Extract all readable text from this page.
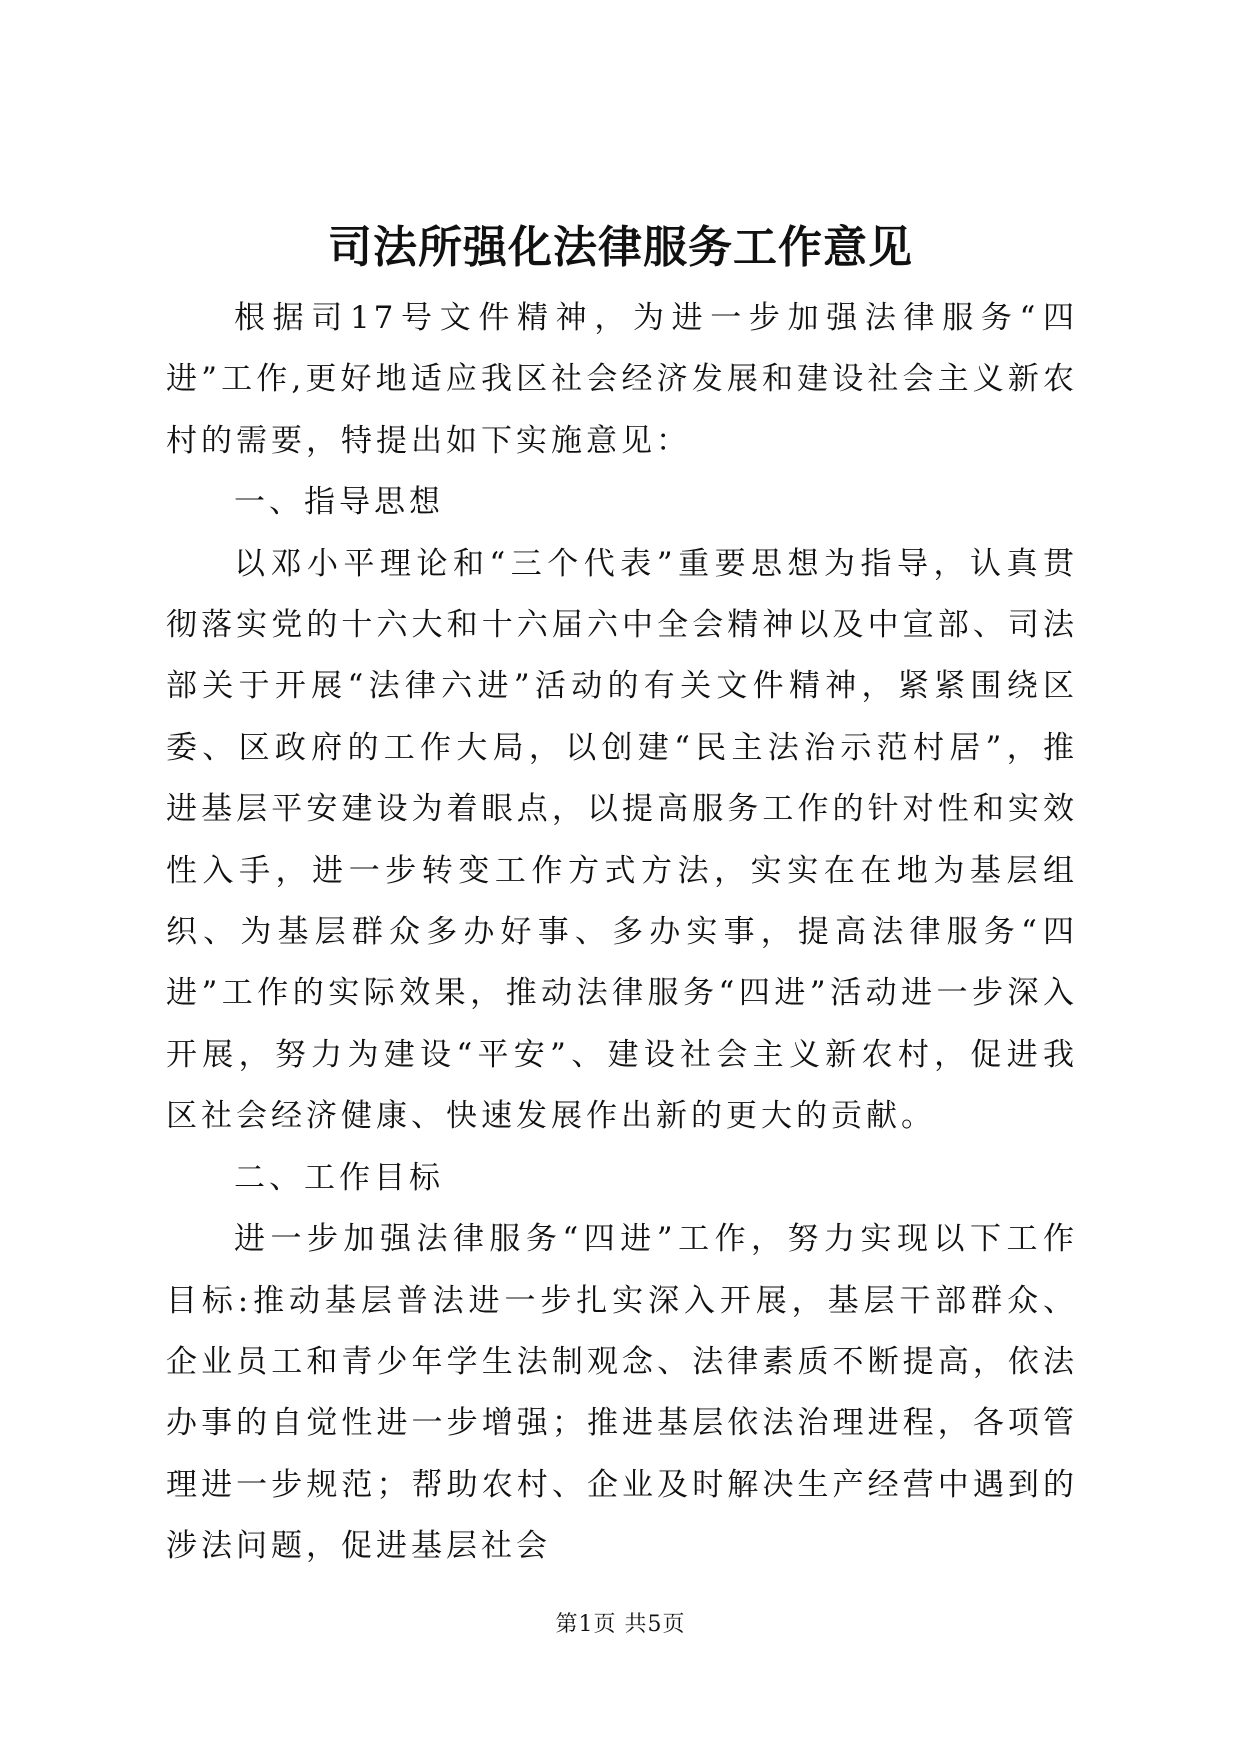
司法所强化法律服务工作意见

根据司17号文件精神，为进一步加强法律服务“四进”工作,更好地适应我区社会经济发展和建设社会主义新农村的需要，特提出如下实施意见：

一、指导思想

以邓小平理论和“三个代表”重要思想为指导，认真贯彻落实党的十六大和十六届六中全会精神以及中宣部、司法部关于开展“法律六进”活动的有关文件精神，紧紧围绕区委、区政府的工作大局，以创建“民主法治示范村居”，推进基层平安建设为着眼点，以提高服务工作的针对性和实效性入手，进一步转变工作方式方法，实实在在地为基层组织、为基层群众多办好事、多办实事，提高法律服务“四进”工作的实际效果，推动法律服务“四进”活动进一步深入开展，努力为建设“平安”、建设社会主义新农村，促进我区社会经济健康、快速发展作出新的更大的贡献。

二、工作目标

进一步加强法律服务“四进”工作，努力实现以下工作目标:推动基层普法进一步扎实深入开展，基层干部群众、企业员工和青少年学生法制观念、法律素质不断提高，依法办事的自觉性进一步增强；推进基层依法治理进程，各项管理进一步规范；帮助农村、企业及时解决生产经营中遇到的涉法问题，促进基层社会

第1页 共5页
